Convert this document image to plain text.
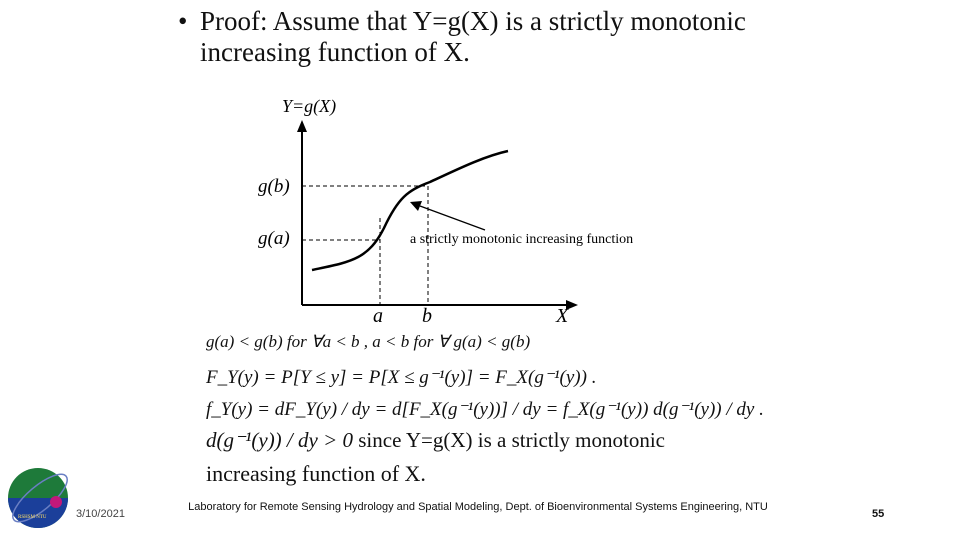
• Proof: Assume that Y=g(X) is a strictly monotonic increasing function of X.
Y=g(X)
g(b)
g(a)
a b	X
a strictly monotonic increasing function
g(a) < g(b) for ∀a < b , a < b for ∀ g(a) < g(b)
F_Y(y) = P[Y ≤ y] = P[X ≤ g⁻¹(y)] = F_X(g⁻¹(y)) .
f_Y(y) = dF_Y(y) / dy = d[F_X(g⁻¹(y))] / dy = f_X(g⁻¹(y)) d(g⁻¹(y)) / dy .
d(g⁻¹(y)) / dy > 0 since Y=g(X) is a strictly monotonic
increasing function of X.
RSHSM NTU	3/10/2021
Laboratory for Remote Sensing Hydrology and Spatial Modeling, Dept. of Bioenvironmental Systems Engineering, NTU
55
